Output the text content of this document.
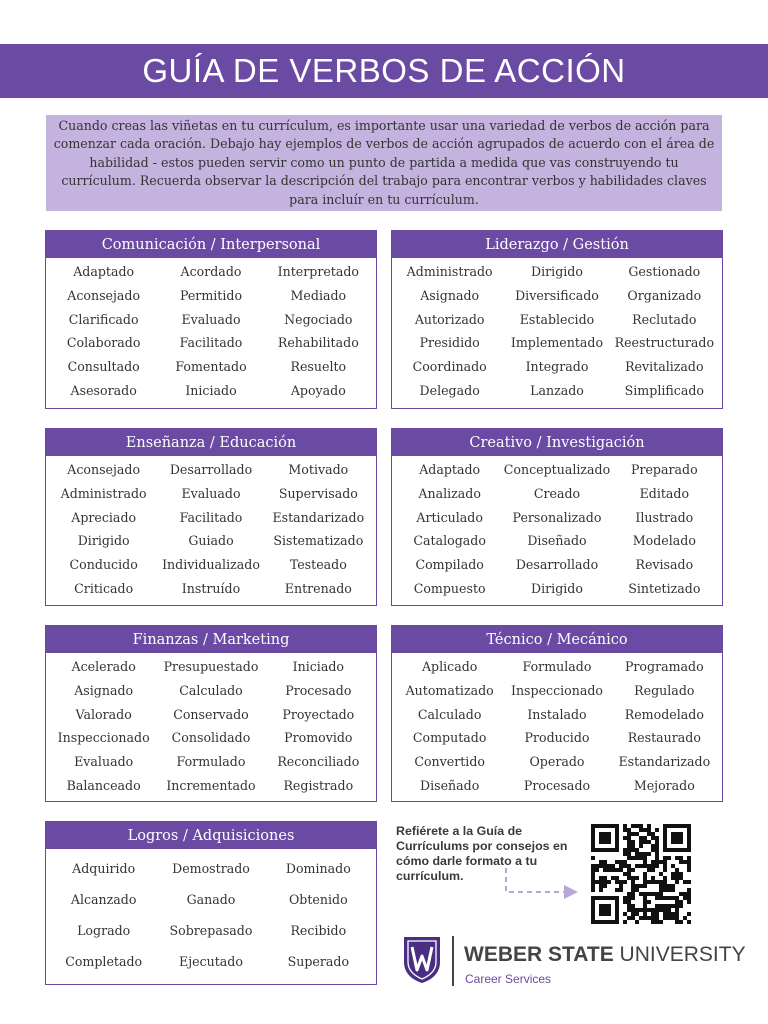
GUÍA DE VERBOS DE ACCIÓN
Cuando creas las viñetas en tu currículum, es importante usar una variedad de verbos de acción para comenzar cada oración. Debajo hay ejemplos de verbos de acción agrupados de acuerdo con el área de habilidad - estos pueden servir como un punto de partida a medida que vas construyendo tu currículum. Recuerda observar la descripción del trabajo para encontrar verbos y habilidades claves para incluír en tu currículum.
Comunicación / Interpersonal
Adaptado
Aconsejado
Clarificado
Colaborado
Consultado
Asesorado
Acordado
Permitido
Evaluado
Facilitado
Fomentado
Iniciado
Interpretado
Mediado
Negociado
Rehabilitado
Resuelto
Apoyado
Liderazgo / Gestión
Administrado
Asignado
Autorizado
Presidido
Coordinado
Delegado
Dirigido
Diversificado
Establecido
Implementado
Integrado
Lanzado
Gestionado
Organizado
Reclutado
Reestructurado
Revitalizado
Simplificado
Enseñanza / Educación
Aconsejado
Administrado
Apreciado
Dirigido
Conducido
Criticado
Desarrollado
Evaluado
Facilitado
Guiado
Individualizado
Instruído
Motivado
Supervisado
Estandarizado
Sistematizado
Testeado
Entrenado
Creativo / Investigación
Adaptado
Analizado
Articulado
Catalogado
Compilado
Compuesto
Conceptualizado
Creado
Personalizado
Diseñado
Desarrollado
Dirigido
Preparado
Editado
Ilustrado
Modelado
Revisado
Sintetizado
Finanzas / Marketing
Acelerado
Asignado
Valorado
Inspeccionado
Evaluado
Balanceado
Presupuestado
Calculado
Conservado
Consolidado
Formulado
Incrementado
Iniciado
Procesado
Proyectado
Promovido
Reconciliado
Registrado
Técnico / Mecánico
Aplicado
Automatizado
Calculado
Computado
Convertido
Diseñado
Formulado
Inspeccionado
Instalado
Producido
Operado
Procesado
Programado
Regulado
Remodelado
Restaurado
Estandarizado
Mejorado
Logros / Adquisiciones
Adquirido
Alcanzado
Logrado
Completado
Demostrado
Ganado
Sobrepasado
Ejecutado
Dominado
Obtenido
Recibido
Superado
Refiérete a la Guía de Currículums por consejos en cómo darle formato a tu currículum.
WEBER STATE UNIVERSITY
Career Services
